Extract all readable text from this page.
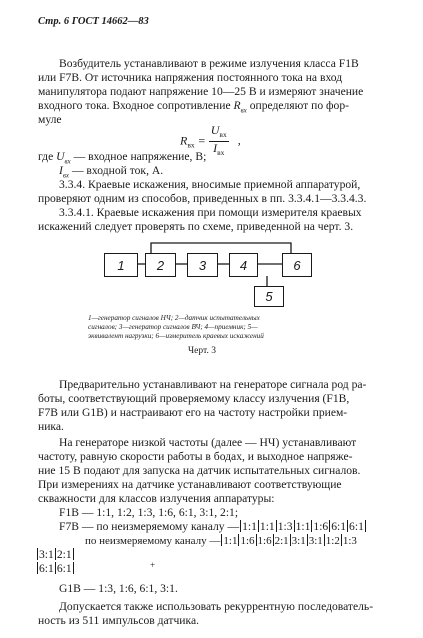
Стр. 6 ГОСТ 14662—83
Возбудитель устанавливают в режиме излучения класса F1B
или F7B. От источника напряжения постоянного тока на вход
манипулятора подают напряжение 10—25 В и измеряют значение
входного тока. Входное сопротивление $R_{вх}$ определяют по фор-
муле
$R_{вх} = \frac{U_{вх}}{I_{вх}}$ ,
где $U_{вх}$ — входное напряжение, В;
$I_{вх}$ — входной ток, А.
3.3.4. Краевые искажения, вносимые приемной аппаратурой,
проверяют одним из способов, приведенных в пп. 3.3.4.1—3.3.4.3.
3.3.4.1. Краевые искажения при помощи измерителя краевых
искажений следует проверять по схеме, приведенной на черт. 3.
1	2	3	4	6
5
1—генератор сигналов НЧ; 2—датчик испытательных
сигналов; 3—генератор сигналов ВЧ; 4—приемник; 5—
эквивалент нагрузки; 6—измеритель краевых искажений
Черт. 3
Предварительно устанавливают на генераторе сигнала род ра-
боты, соответствующий проверяемому классу излучения (F1B,
F7B или G1B) и настраивают его на частоту настройки прием-
ника.
На генераторе низкой частоты (далее — НЧ) устанавливают
частоту, равную скорости работы в бодах, и выходное напряже-
ние 15 В подают для запуска на датчик испытательных сигналов.
При измерениях на датчике устанавливают соответствующие
скважности для классов излучения аппаратуры:
F1B — 1:1, 1:2, 1:3, 1:6, 6:1, 3:1, 2:1;
F7B — по неизмеряемому каналу — 1:1 1:1 1:3 1:1 1:6 6:1 6:1
по неизмеряемому каналу — 1:1 1:6 1:6 2:1 3:1 3:1 1:2 1:3
3:1 2:1
6:1 6:1	+
G1B — 1:3, 1:6, 6:1, 3:1.
Допускается также использовать рекуррентную последователь-
ность из 511 импульсов датчика.
